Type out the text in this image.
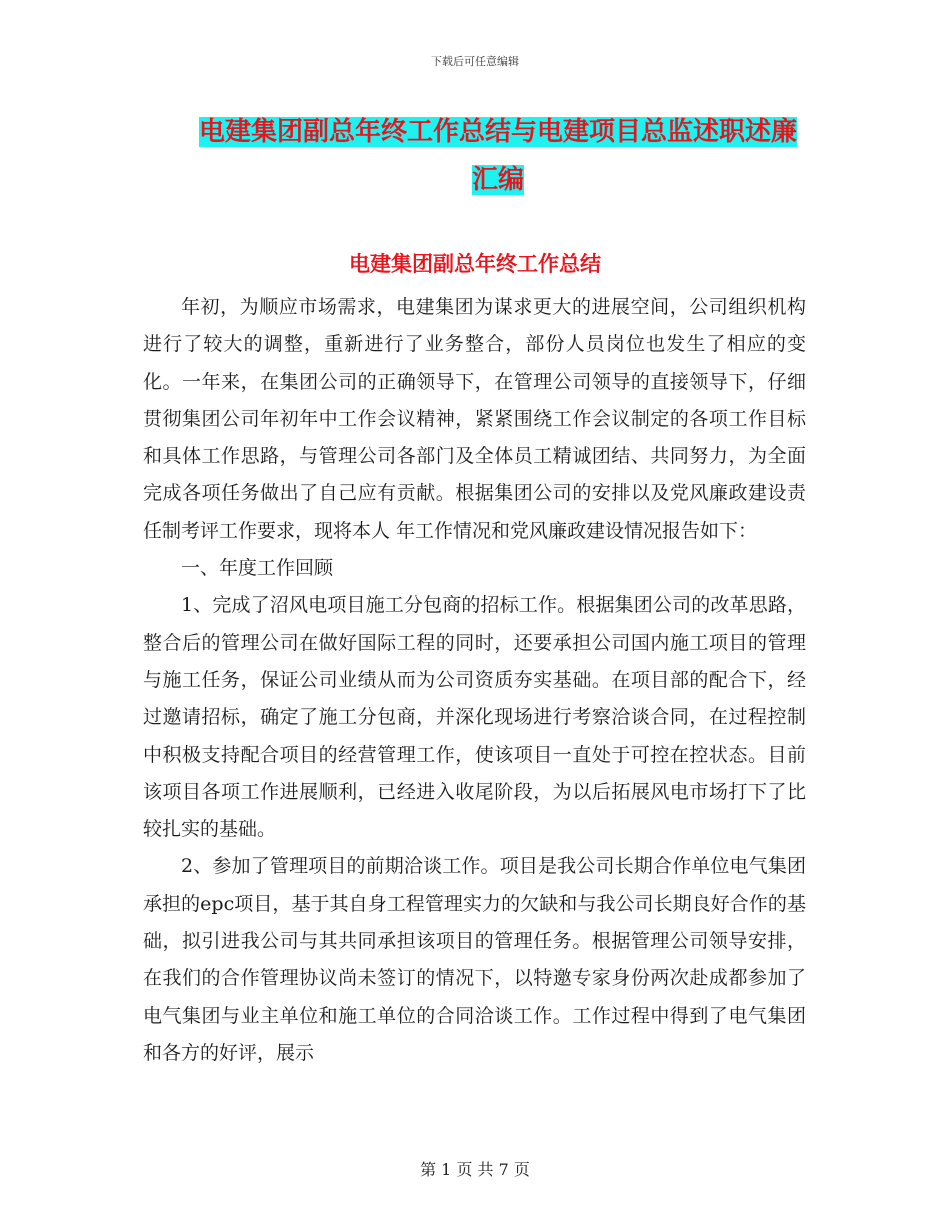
下载后可任意编辑
电建集团副总年终工作总结与电建项目总监述职述廉汇编
电建集团副总年终工作总结

年初，为顺应市场需求，电建集团为谋求更大的进展空间，公司组织机构进行了较大的调整，重新进行了业务整合，部份人员岗位也发生了相应的变化。一年来，在集团公司的正确领导下，在管理公司领导的直接领导下，仔细贯彻集团公司年初年中工作会议精神，紧紧围绕工作会议制定的各项工作目标和具体工作思路，与管理公司各部门及全体员工精诚团结、共同努力，为全面完成各项任务做出了自己应有贡献。根据集团公司的安排以及党风廉政建设责任制考评工作要求，现将本人 年工作情况和党风廉政建设情况报告如下：

一、年度工作回顾

1、完成了沼风电项目施工分包商的招标工作。根据集团公司的改革思路，整合后的管理公司在做好国际工程的同时，还要承担公司国内施工项目的管理与施工任务，保证公司业绩从而为公司资质夯实基础。在项目部的配合下，经过邀请招标，确定了施工分包商，并深化现场进行考察洽谈合同，在过程控制中积极支持配合项目的经营管理工作，使该项目一直处于可控在控状态。目前该项目各项工作进展顺利，已经进入收尾阶段，为以后拓展风电市场打下了比较扎实的基础。

2、参加了管理项目的前期洽谈工作。项目是我公司长期合作单位电气集团承担的epc项目，基于其自身工程管理实力的欠缺和与我公司长期良好合作的基础，拟引进我公司与其共同承担该项目的管理任务。根据管理公司领导安排，在我们的合作管理协议尚未签订的情况下，以特邀专家身份两次赴成都参加了电气集团与业主单位和施工单位的合同洽谈工作。工作过程中得到了电气集团和各方的好评，展示

第 1 页 共 7 页
